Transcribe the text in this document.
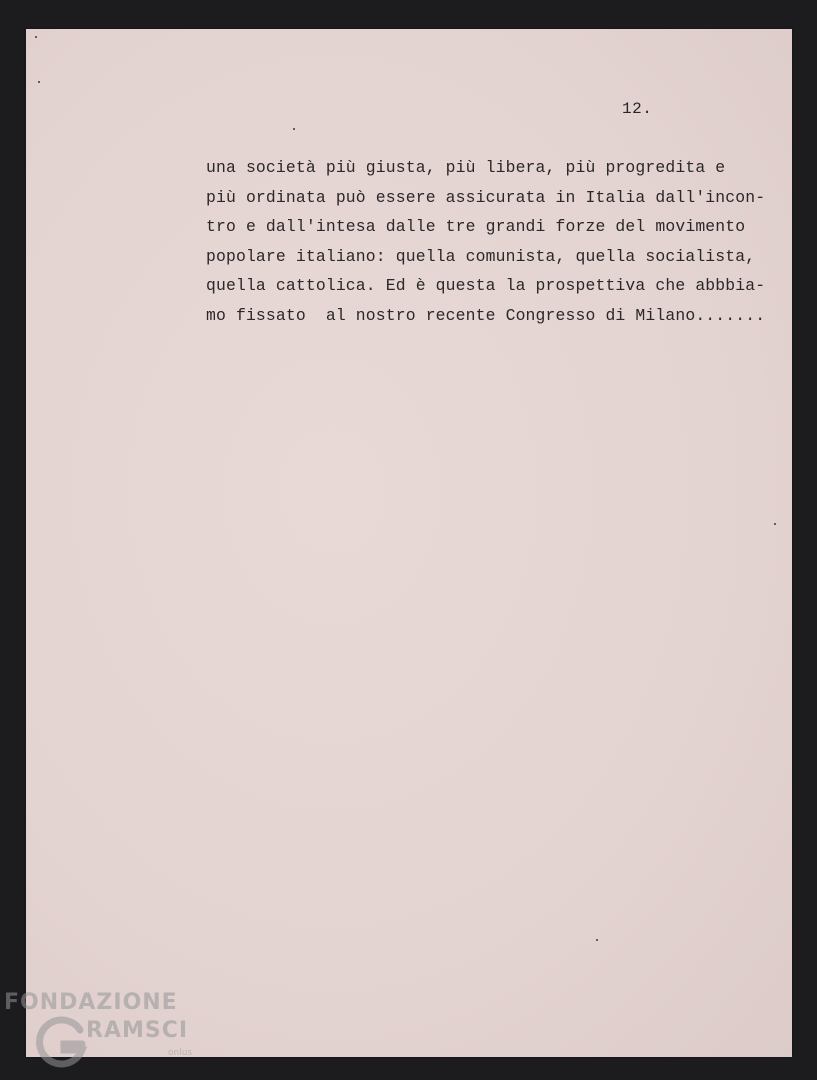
12.
una società più giusta, più libera, più progredita e
più ordinata può essere assicurata in Italia dall'incon-
tro e dall'intesa dalle tre grandi forze del movimento
popolare italiano: quella comunista, quella socialista,
quella cattolica. Ed è questa la prospettiva che abbbia-
mo fissato  al nostro recente Congresso di Milano.......
FONDAZIONE
RAMSCI
onlus
